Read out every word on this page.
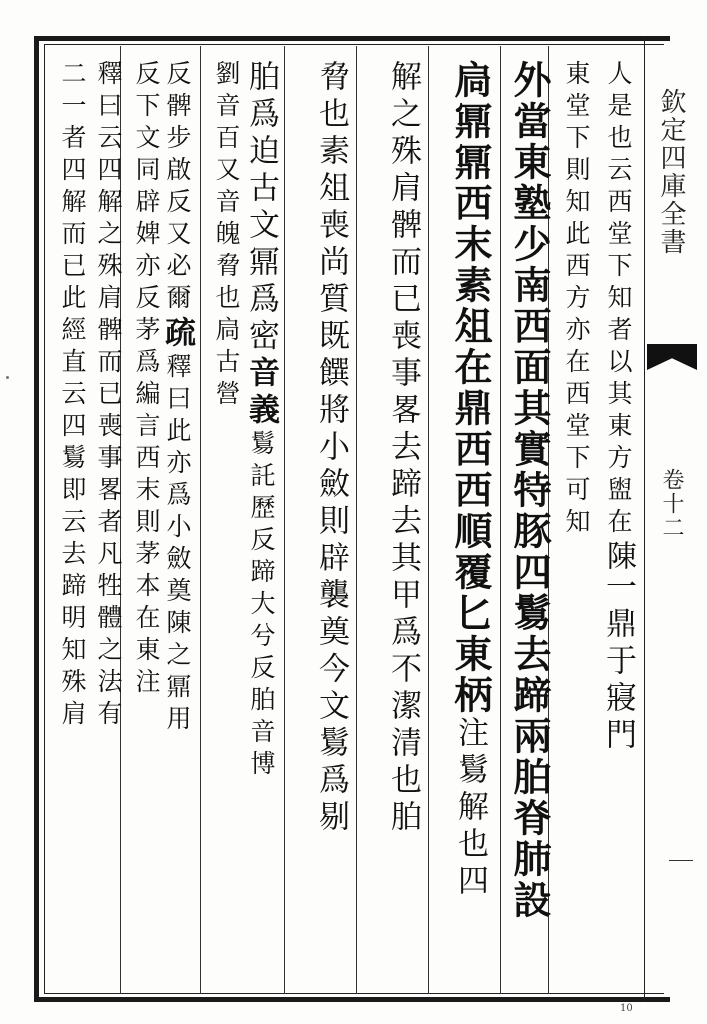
欽定四庫全書
卷十二
人是也云西堂下知者以其東方盥在陳一鼎于寢門
東堂下則知此西方亦在西堂下可知
外當東塾少南西面其實特豚四鬄去蹄兩胉脊肺設
扃鼏鼏西末素俎在鼎西西順覆匕東柄注鬄解也四
解之殊肩髀而已喪事畧去蹄去其甲爲不潔清也胉
脅也素俎喪尚質既饌將小斂則辟襲奠今文鬄爲剔
胉爲迫古文鼏爲密音義鬄託歷反蹄大兮反胉音博
劉音百又音魄脅也扃古營
反髀步啟反又必爾疏釋曰此亦爲小斂奠陳之鼏用
反下文同辟婢亦反茅爲編言西末則茅本在東注
釋曰云四解之殊肩髀而已喪事畧者凡牲體之法有
二一者四解而已此經直云四鬄即云去蹄明知殊肩
10
